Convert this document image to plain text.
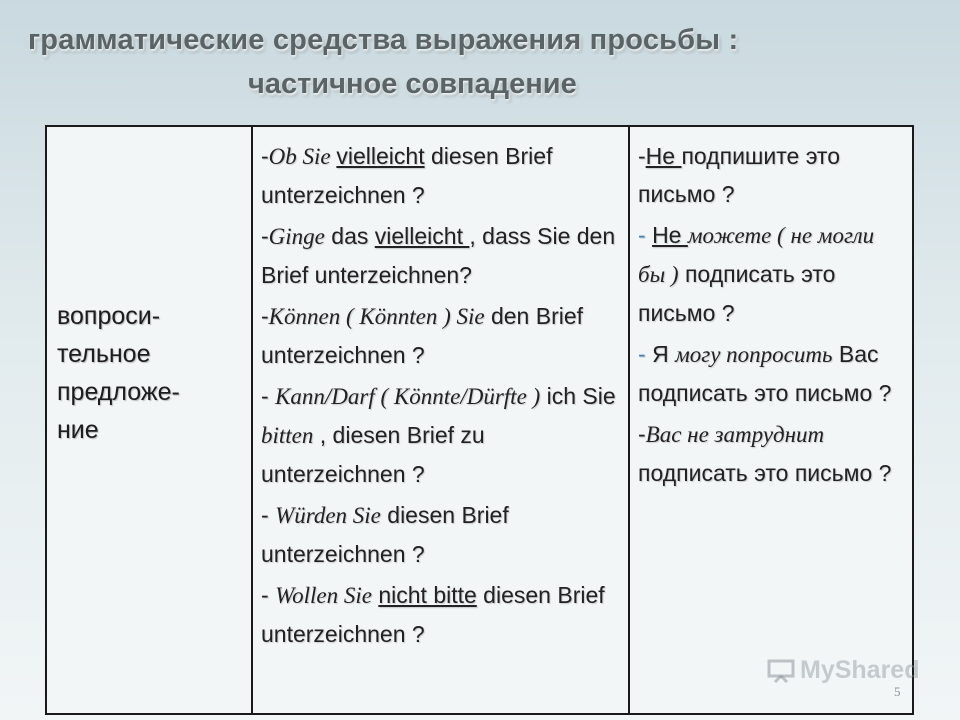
грамматические средства выражения просьбы :
частичное совпадение
вопроси-
тельное
предложе-
ние
-Ob Sie vielleicht diesen Brief unterzeichnen ?
-Ginge das vielleicht , dass Sie den Brief unterzeichnen?
-Können ( Könnten ) Sie den Brief unterzeichnen ?
- Kann/Darf ( Könnte/Dürfte ) ich Sie bitten , diesen Brief zu unterzeichnen ?
- Würden Sie diesen Brief unterzeichnen ?
- Wollen Sie nicht bitte diesen Brief unterzeichnen ?
-Не подпишите это письмо ?
- Не можете ( не могли бы ) подписать это письмо ?
- Я могу попросить Вас подписать это письмо ?
-Вас не затруднит подписать это письмо ?
MyShared
5
